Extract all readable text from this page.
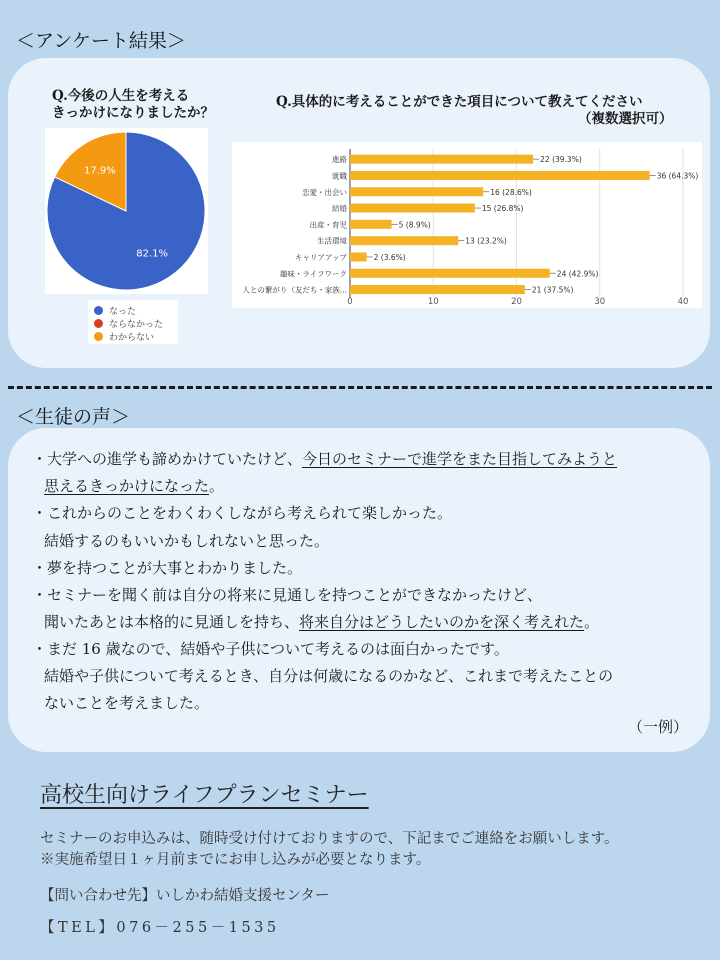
＜アンケート結果＞
Q.今後の人生を考える
きっかけになりましたか？
Q.具体的に考えることができた項目について教えてください
（複数選択可）
82.1%
17.9%
なった
ならなかった
わからない
0	10	20	30	40
進路	22 (39.3%)
就職	36 (64.3%)
恋愛・出会い	16 (28.6%)
結婚	15 (26.8%)
出産・育児	5 (8.9%)
生活環境	13 (23.2%)
キャリアアップ	2 (3.6%)
趣味・ライフワーク	24 (42.9%)
人との繋がり（友だち・家族...	21 (37.5%)
＜生徒の声＞
・大学への進学も諦めかけていたけど、今日のセミナーで進学をまた目指してみようと
思えるきっかけになった。
・これからのことをわくわくしながら考えられて楽しかった。
結婚するのもいいかもしれないと思った。
・夢を持つことが大事とわかりました。
・セミナーを聞く前は自分の将来に見通しを持つことができなかったけど、
聞いたあとは本格的に見通しを持ち、将来自分はどうしたいのかを深く考えれた。
・まだ 16 歳なので、結婚や子供について考えるのは面白かったです。
結婚や子供について考えるとき、自分は何歳になるのかなど、これまで考えたことの
ないことを考えました。
（一例）
高校生向けライフプランセミナー
セミナーのお申込みは、随時受け付けておりますので、下記までご連絡をお願いします。
※実施希望日１ヶ月前までにお申し込みが必要となります。
【問い合わせ先】いしかわ結婚支援センター
【TEL】076－255－1535
